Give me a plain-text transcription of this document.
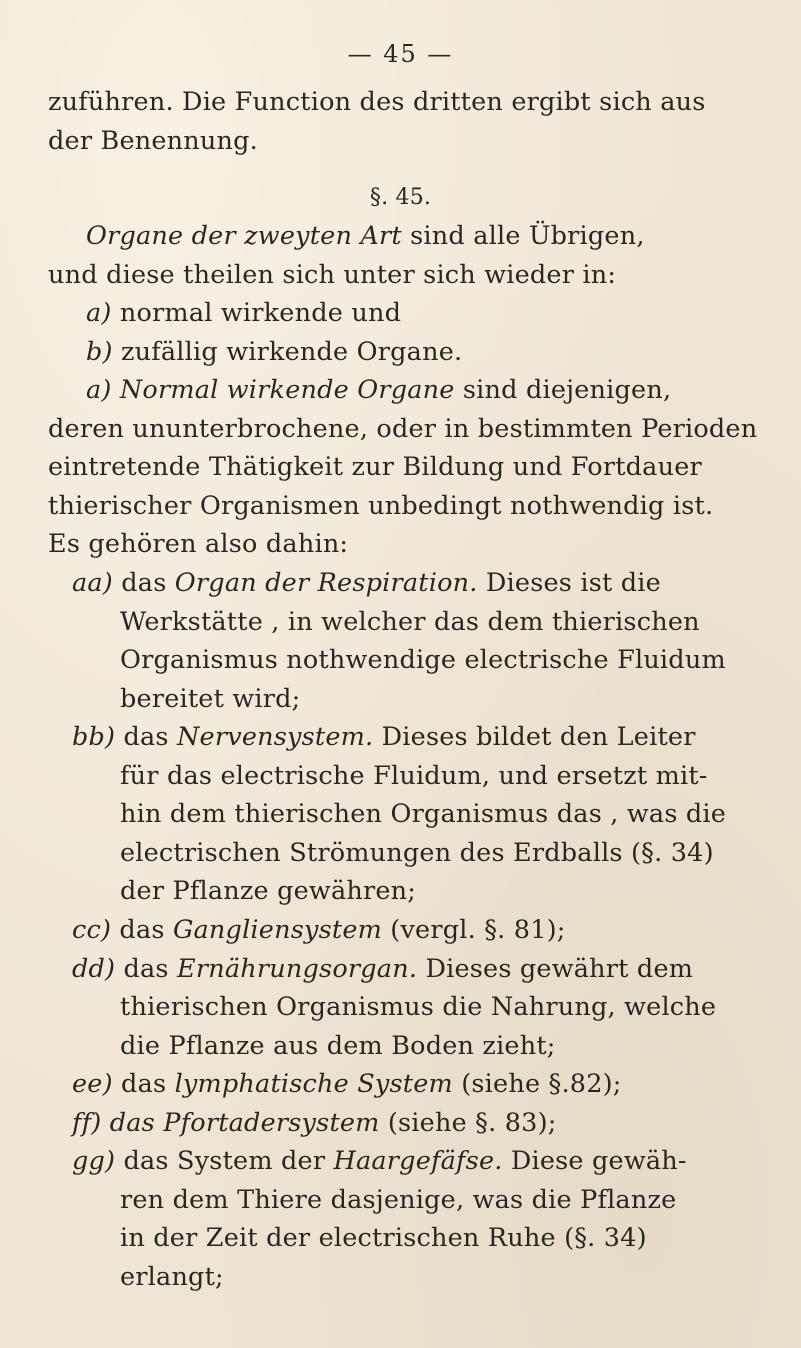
— 45 —
zuführen. Die Function des dritten ergibt sich aus
der Benennung.
§. 45.
Organe der zweyten Art sind alle Übrigen,
und diese theilen sich unter sich wieder in:
a) normal wirkende und
b) zufällig wirkende Organe.
a) Normal wirkende Organe sind diejenigen,
deren ununterbrochene, oder in bestimmten Perioden
eintretende Thätigkeit zur Bildung und Fortdauer
thierischer Organismen unbedingt nothwendig ist.
Es gehören also dahin:
aa) das Organ der Respiration. Dieses ist die
Werkstätte , in welcher das dem thierischen
Organismus nothwendige electrische Fluidum
bereitet wird;
bb) das Nervensystem. Dieses bildet den Leiter
für das electrische Fluidum, und ersetzt mit-
hin dem thierischen Organismus das , was die
electrischen Strömungen des Erdballs (§. 34)
der Pflanze gewähren;
cc) das Gangliensystem (vergl. §. 81);
dd) das Ernährungsorgan. Dieses gewährt dem
thierischen Organismus die Nahrung, welche
die Pflanze aus dem Boden zieht;
ee) das lymphatische System (siehe §.82);
ff) das Pfortadersystem (siehe §. 83);
gg) das System der Haargefäfse. Diese gewäh-
ren dem Thiere dasjenige, was die Pflanze
in der Zeit der electrischen Ruhe (§. 34)
erlangt;
